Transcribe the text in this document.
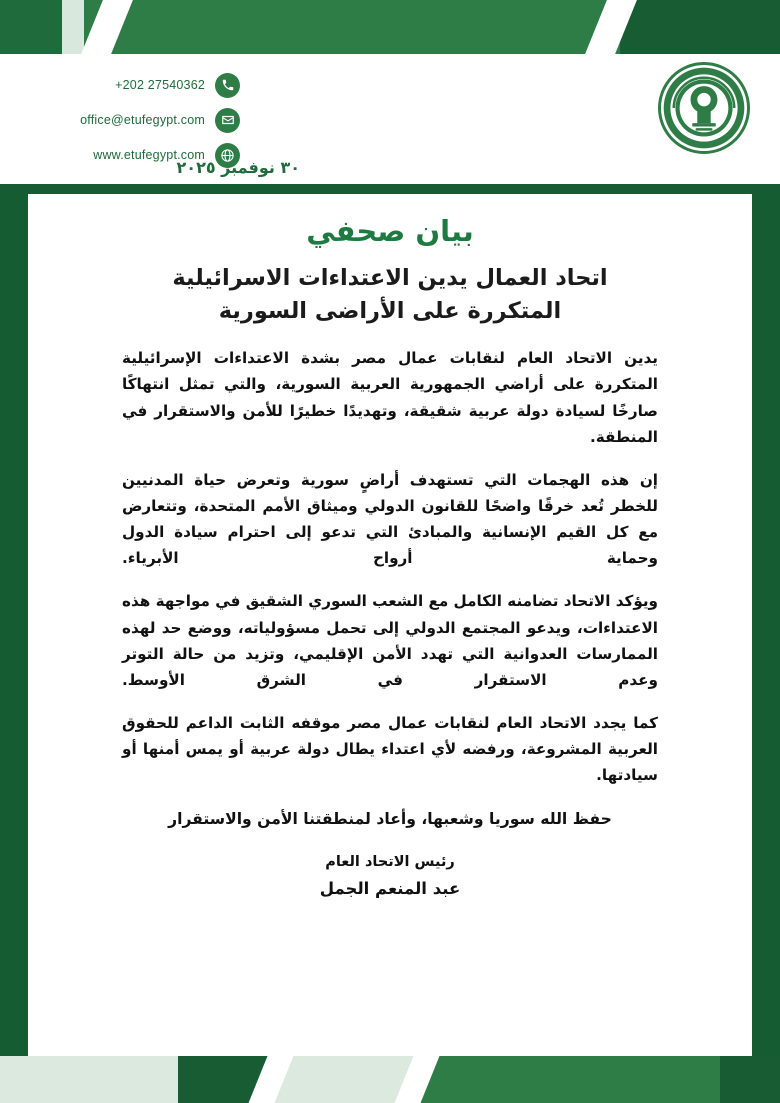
+202 27540362
office@etufegypt.com
www.etufegypt.com
٣٠ نوفمبر ٢٠٢٥
بيان صحفي
اتحاد العمال يدين الاعتداءات الاسرائيلية المتكررة على الأراضى السورية

يدين الاتحاد العام لنقابات عمال مصر بشدة الاعتداءات الإسرائيلية المتكررة على أراضي الجمهورية العربية السورية، والتي تمثل انتهاكًا صارخًا لسيادة دولة عربية شقيقة، وتهديدًا خطيرًا للأمن والاستقرار في المنطقة.

إن هذه الهجمات التي تستهدف أراضٍ سورية وتعرض حياة المدنيين للخطر تُعد خرقًا واضحًا للقانون الدولي وميثاق الأمم المتحدة، وتتعارض مع كل القيم الإنسانية والمبادئ التي تدعو إلى احترام سيادة الدول وحماية أرواح الأبرياء.

ويؤكد الاتحاد تضامنه الكامل مع الشعب السوري الشقيق في مواجهة هذه الاعتداءات، ويدعو المجتمع الدولي إلى تحمل مسؤولياته، ووضع حد لهذه الممارسات العدوانية التي تهدد الأمن الإقليمي، وتزيد من حالة التوتر وعدم الاستقرار في الشرق الأوسط.

كما يجدد الاتحاد العام لنقابات عمال مصر موقفه الثابت الداعم للحقوق العربية المشروعة، ورفضه لأي اعتداء يطال دولة عربية أو يمس أمنها أو سيادتها.

حفظ الله سوريا وشعبها، وأعاد لمنطقتنا الأمن والاستقرار
رئيس الاتحاد العام
عبد المنعم الجمل
